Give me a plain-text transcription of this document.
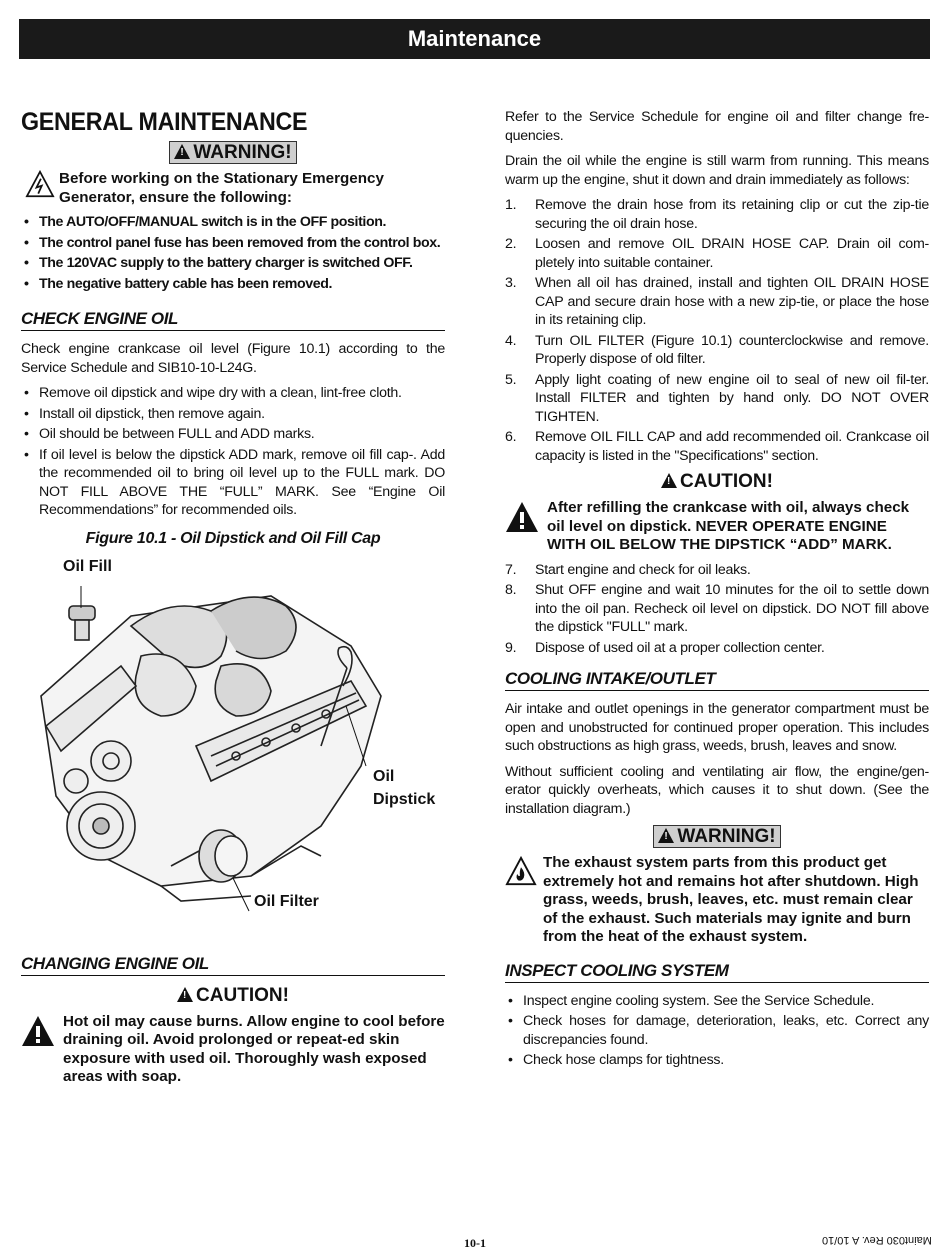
Maintenance
GENERAL MAINTENANCE
! WARNING!
Before working on the Stationary Emergency Generator, ensure the following:
• The AUTO/OFF/MANUAL switch is in the OFF position.
• The control panel fuse has been removed from the control box.
• The 120VAC supply to the battery charger is switched OFF.
• The negative battery cable has been removed.
CHECK ENGINE OIL

Check engine crankcase oil level (Figure 10.1) according to the Service Schedule and SIB10-10-L24G.

• Remove oil dipstick and wipe dry with a clean, lint-free cloth.
• Install oil dipstick, then remove again.
• Oil should be between FULL and ADD marks.
• If oil level is below the dipstick ADD mark, remove oil fill cap-. Add the recommended oil to bring oil level up to the FULL mark. DO NOT FILL ABOVE THE “FULL” MARK. See “Engine Oil Recommendations” for recommended oils.
Figure 10.1 - Oil Dipstick and Oil Fill Cap
Oil Fill
Oil
Dipstick
Oil Filter
CHANGING ENGINE OIL
! CAUTION!
Hot oil may cause burns. Allow engine to cool before draining oil. Avoid prolonged or repeat-ed skin exposure with used oil. Thoroughly wash exposed areas with soap.

Refer to the Service Schedule for engine oil and filter change fre-quencies.

Drain the oil while the engine is still warm from running. This means warm up the engine, shut it down and drain immediately as follows:

1. Remove the drain hose from its retaining clip or cut the zip-tie securing the oil drain hose.
2. Loosen and remove OIL DRAIN HOSE CAP. Drain oil com-pletely into suitable container.
3. When all oil has drained, install and tighten OIL DRAIN HOSE CAP and secure drain hose with a new zip-tie, or place the hose in its retaining clip.
4. Turn OIL FILTER (Figure 10.1) counterclockwise and remove. Properly dispose of old filter.
5. Apply light coating of new engine oil to seal of new oil fil-ter. Install FILTER and tighten by hand only. DO NOT OVER TIGHTEN.
6. Remove OIL FILL CAP and add recommended oil. Crankcase oil capacity is listed in the "Specifications" section.
! CAUTION!
After refilling the crankcase with oil, always check oil level on dipstick. NEVER OPERATE ENGINE WITH OIL BELOW THE DIPSTICK “ADD” MARK.
7. Start engine and check for oil leaks.
8. Shut OFF engine and wait 10 minutes for the oil to settle down into the oil pan. Recheck oil level on dipstick. DO NOT fill above the dipstick "FULL" mark.
9. Dispose of used oil at a proper collection center.
COOLING INTAKE/OUTLET

Air intake and outlet openings in the generator compartment must be open and unobstructed for continued proper operation. This includes such obstructions as high grass, weeds, brush, leaves and snow.

Without sufficient cooling and ventilating air flow, the engine/gen-erator quickly overheats, which causes it to shut down. (See the installation diagram.)

! WARNING!
The exhaust system parts from this product get extremely hot and remains hot after shutdown. High grass, weeds, brush, leaves, etc. must remain clear of the exhaust. Such materials may ignite and burn from the heat of the exhaust system.
INSPECT COOLING SYSTEM
• Inspect engine cooling system. See the Service Schedule.
• Check hoses for damage, deterioration, leaks, etc. Correct any discrepancies found.
• Check hose clamps for tightness.
10-1	Maint030 Rev. A 10/10
